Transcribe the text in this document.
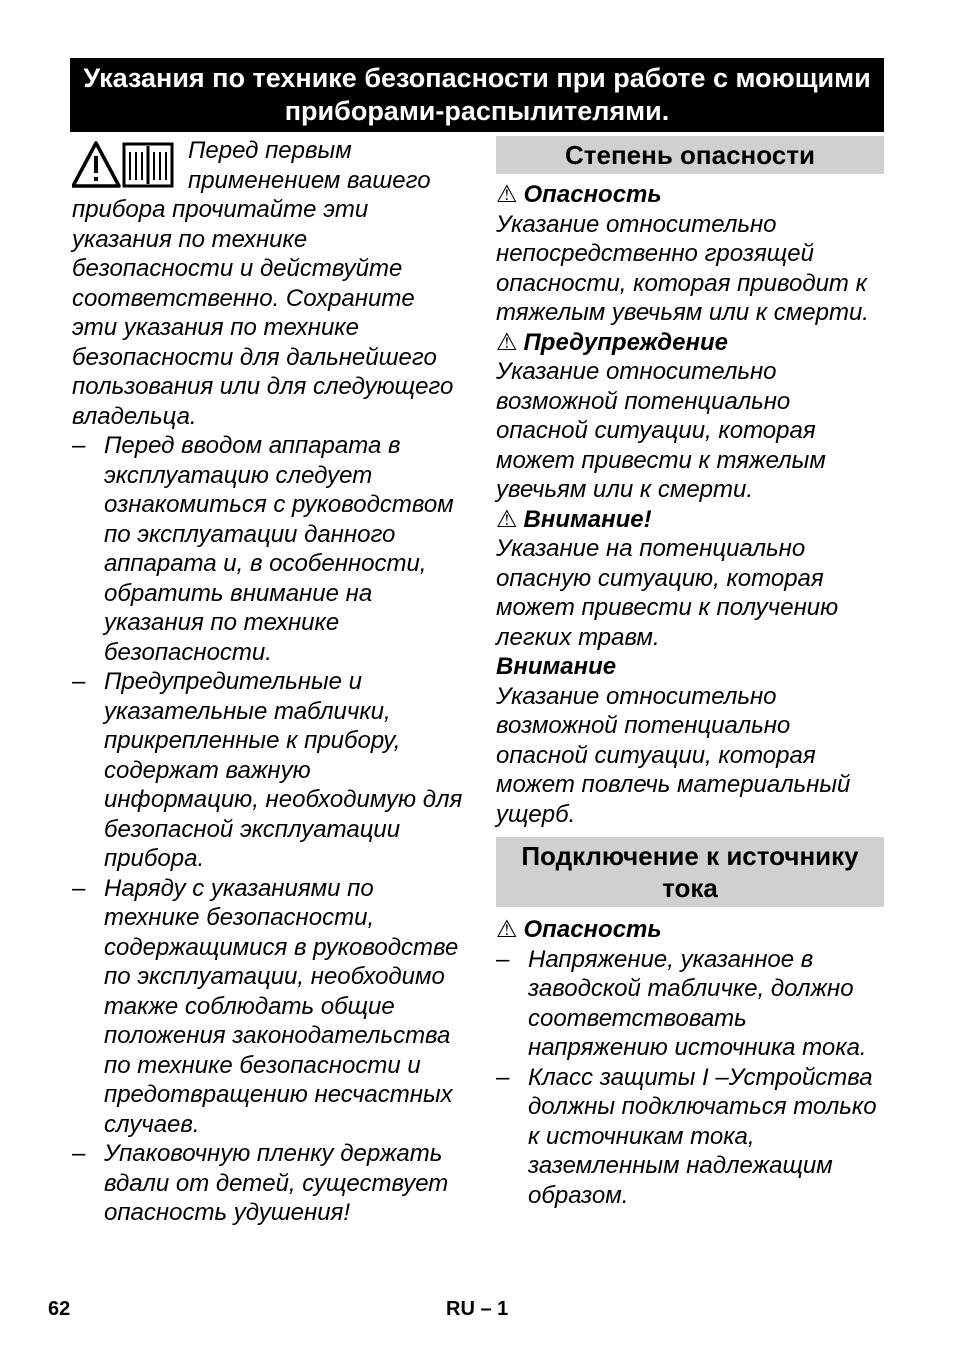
Указания по технике безопасности при работе с моющими приборами-распылителями.
Перед первым применением вашего прибора прочитайте эти указания по технике безопасности и действуйте соответственно. Сохраните эти указания по технике безопасности для дальнейшего пользования или для следующего владельца.
– Перед вводом аппарата в эксплуатацию следует ознакомиться с руководством по эксплуатации данного аппарата и, в особенности, обратить внимание на указания по технике безопасности.
– Предупредительные и указательные таблички, прикрепленные к прибору, содержат важную информацию, необходимую для безопасной эксплуатации прибора.
– Наряду с указаниями по технике безопасности, содержащимися в руководстве по эксплуатации, необходимо также соблюдать общие положения законодательства по технике безопасности и предотвращению несчастных случаев.
– Упаковочную пленку держать вдали от детей, существует опасность удушения!
Степень опасности
⚠ Опасность
Указание относительно непосредственно грозящей опасности, которая приводит к тяжелым увечьям или к смерти.
⚠ Предупреждение
Указание относительно возможной потенциально опасной ситуации, которая может привести к тяжелым увечьям или к смерти.
⚠ Внимание!
Указание на потенциально опасную ситуацию, которая может привести к получению легких травм.
Внимание
Указание относительно возможной потенциально опасной ситуации, которая может повлечь материальный ущерб.
Подключение к источнику тока
⚠ Опасность
– Напряжение, указанное в заводской табличке, должно соответствовать напряжению источника тока.
– Класс защиты I –Устройства должны подключаться только к источникам тока, заземленным надлежащим образом.
62	RU – 1
